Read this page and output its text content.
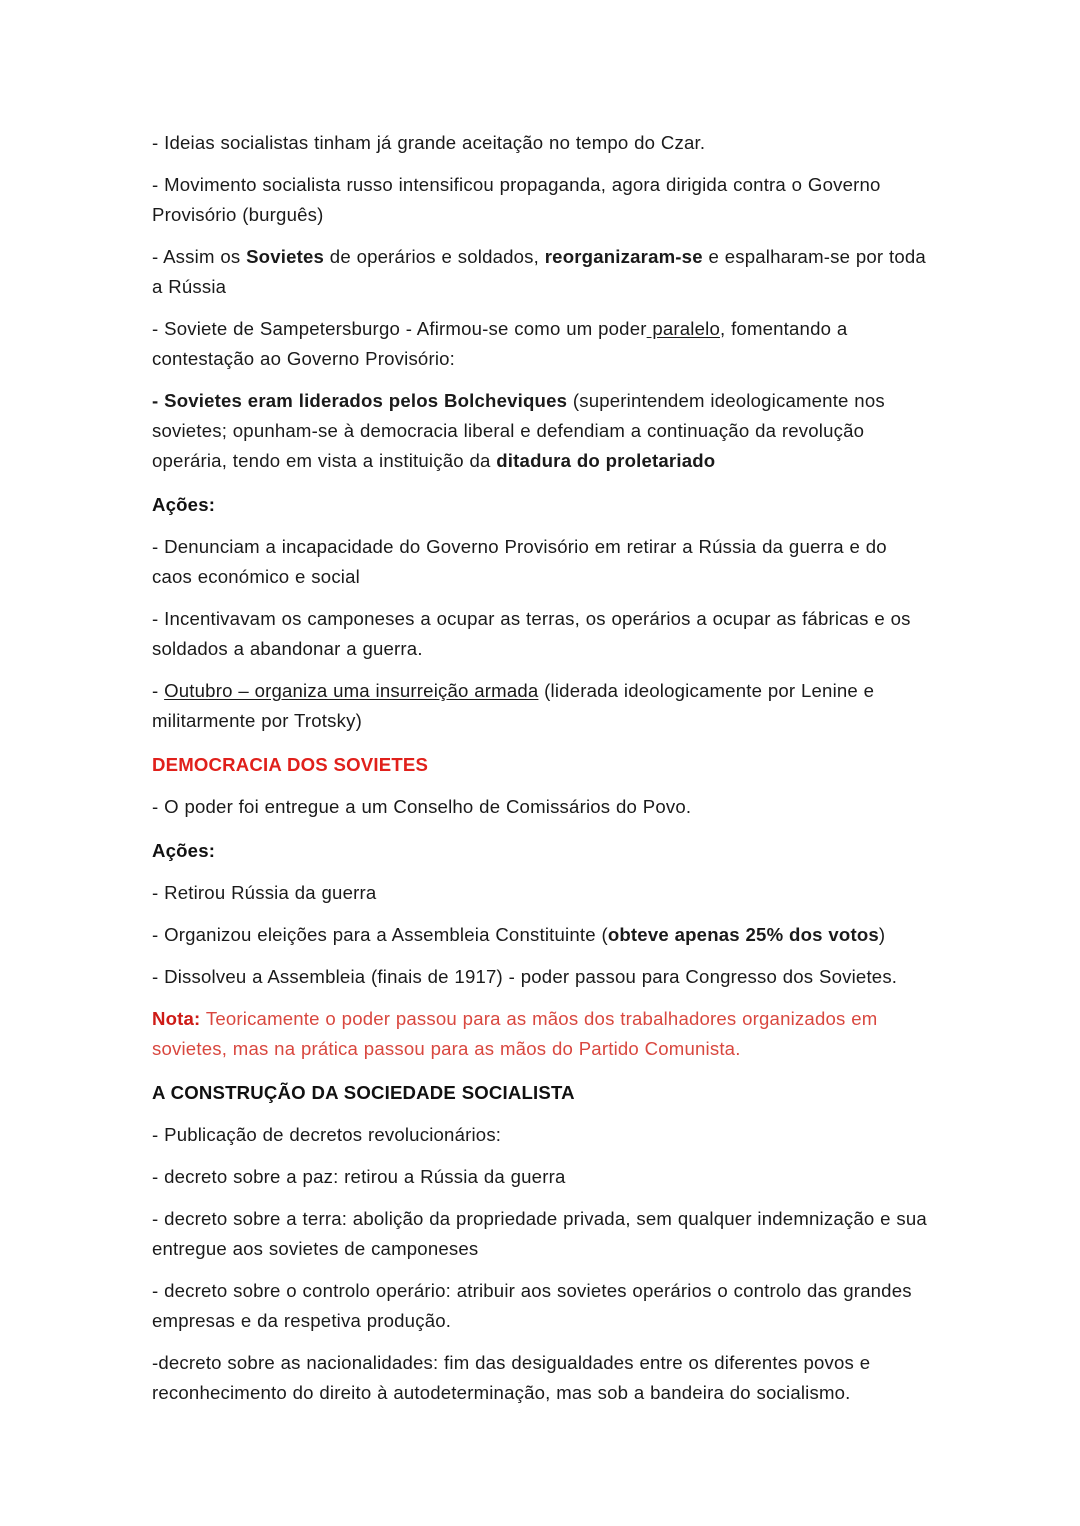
- Ideias socialistas tinham já grande aceitação no tempo do Czar.

- Movimento socialista russo intensificou propaganda, agora dirigida contra o Governo Provisório (burguês)

- Assim os Sovietes de operários e soldados, reorganizaram-se e espalharam-se por toda a Rússia

- Soviete de Sampetersburgo - Afirmou-se como um poder paralelo, fomentando a contestação ao Governo Provisório:

- Sovietes eram liderados pelos Bolcheviques (superintendem ideologicamente nos sovietes; opunham-se à democracia liberal e defendiam a continuação da revolução operária, tendo em vista a instituição da ditadura do proletariado

Ações:

- Denunciam a incapacidade do Governo Provisório em retirar a Rússia da guerra e do caos económico e social

- Incentivavam os camponeses a ocupar as terras, os operários a ocupar as fábricas e os soldados a abandonar a guerra.

- Outubro – organiza uma insurreição armada (liderada ideologicamente por Lenine e militarmente por Trotsky)

DEMOCRACIA DOS SOVIETES

- O poder foi entregue a um Conselho de Comissários do Povo.

Ações:

- Retirou Rússia da guerra

- Organizou eleições para a Assembleia Constituinte (obteve apenas 25% dos votos)

- Dissolveu a Assembleia (finais de 1917) - poder passou para Congresso dos Sovietes.

Nota: Teoricamente o poder passou para as mãos dos trabalhadores organizados em sovietes, mas na prática passou para as mãos do Partido Comunista.

A CONSTRUÇÃO DA SOCIEDADE SOCIALISTA

- Publicação de decretos revolucionários:

- decreto sobre a paz: retirou a Rússia da guerra

- decreto sobre a terra: abolição da propriedade privada, sem qualquer indemnização e sua entregue aos sovietes de camponeses

- decreto sobre o controlo operário: atribuir aos sovietes operários o controlo das grandes empresas e da respetiva produção.

-decreto sobre as nacionalidades: fim das desigualdades entre os diferentes povos e reconhecimento do direito à autodeterminação, mas sob a bandeira do socialismo.
